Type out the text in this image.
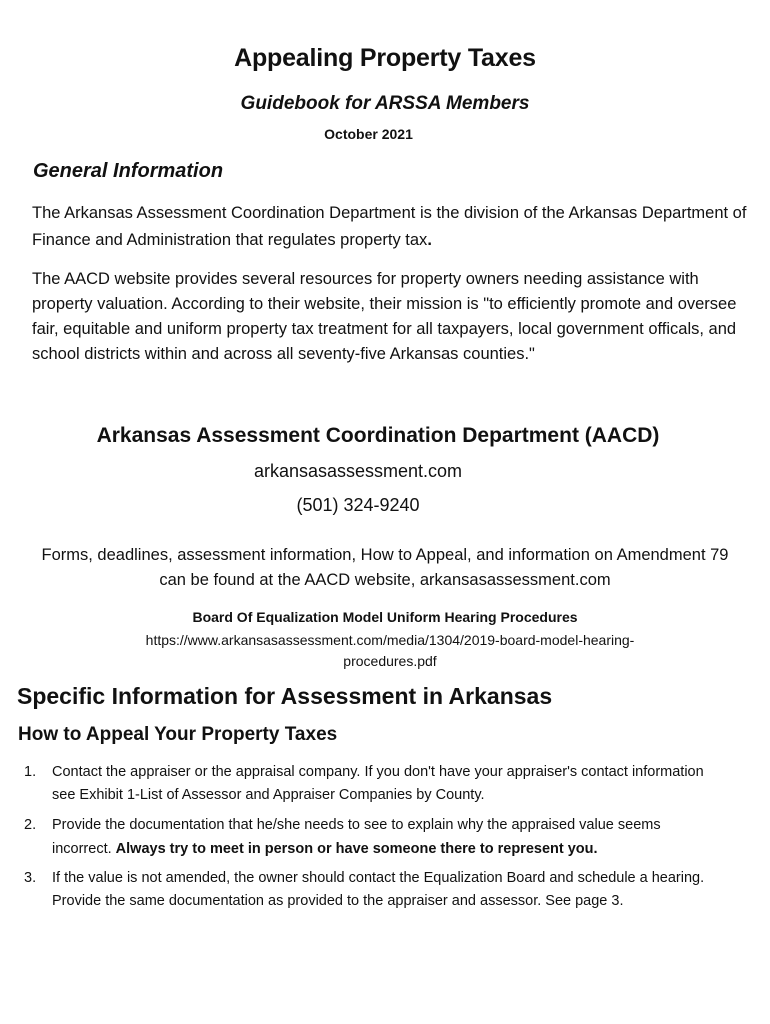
Appealing Property Taxes
Guidebook for ARSSA Members
October 2021
General Information
The Arkansas Assessment Coordination Department is the division of the Arkansas Department of Finance and Administration that regulates property tax.
The AACD website provides several resources for property owners needing assistance with property valuation. According to their website, their mission is "to efficiently promote and oversee fair, equitable and uniform property tax treatment for all taxpayers, local government officals, and school districts within and across all seventy-five Arkansas counties."
Arkansas Assessment Coordination Department (AACD)
arkansasassessment.com
(501) 324-9240
Forms, deadlines, assessment information, How to Appeal, and information on Amendment 79 can be found at the AACD website, arkansasassessment.com
Board Of Equalization Model Uniform Hearing Procedures
https://www.arkansasassessment.com/media/1304/2019-board-model-hearing-procedures.pdf
Specific Information for Assessment in Arkansas
How to Appeal Your Property Taxes
1.	Contact the appraiser or the appraisal company. If you don't have your appraiser's contact information see Exhibit 1-List of Assessor and Appraiser Companies by County.
2.	Provide the documentation that he/she needs to see to explain why the appraised value seems incorrect. Always try to meet in person or have someone there to represent you.
3.	If the value is not amended, the owner should contact the Equalization Board and schedule a hearing. Provide the same documentation as provided to the appraiser and assessor. See page 3.
